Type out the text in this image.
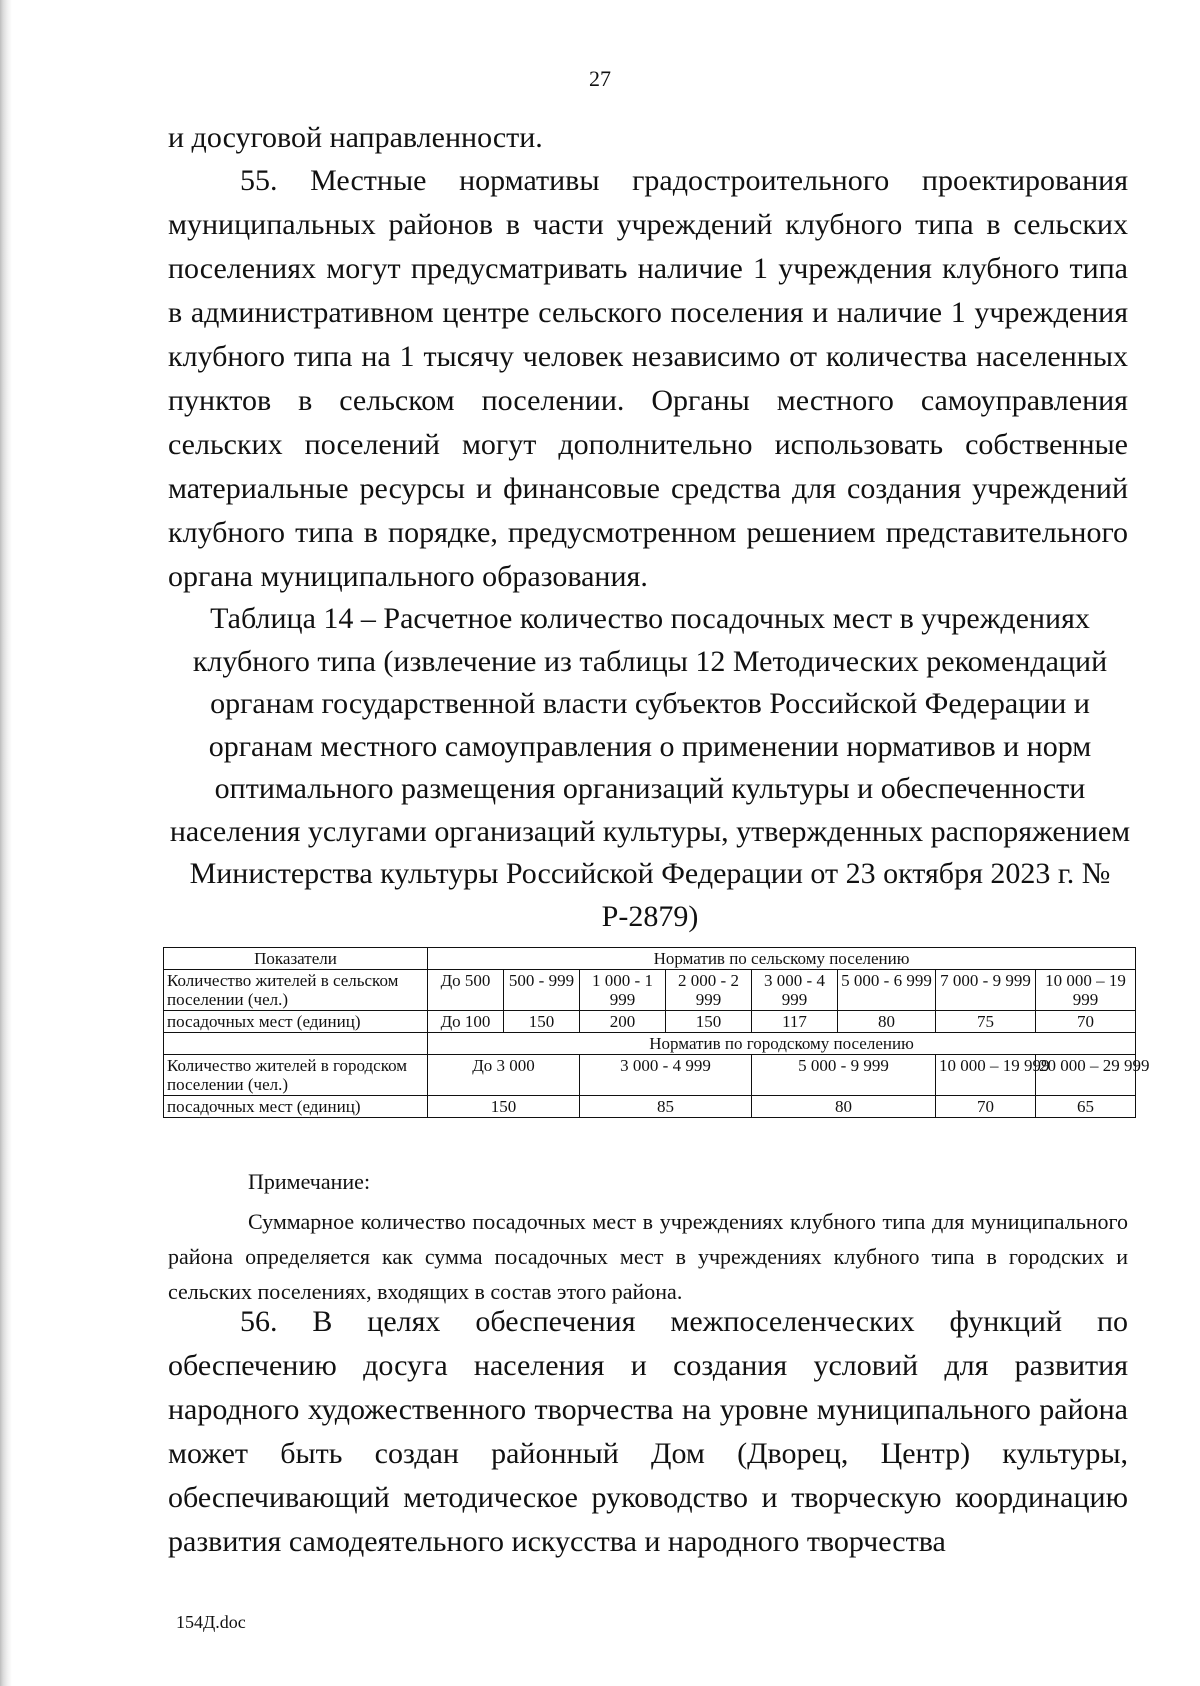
27

и досуговой направленности.

55. Местные нормативы градостроительного проектирования муниципальных районов в части учреждений клубного типа в сельских поселениях могут предусматривать наличие 1 учреждения клубного типа в административном центре сельского поселения и наличие 1 учреждения клубного типа на 1 тысячу человек независимо от количества населенных пунктов в сельском поселении. Органы местного самоуправления сельских поселений могут дополнительно использовать собственные материальные ресурсы и финансовые средства для создания учреждений клубного типа в порядке, предусмотренном решением представительного органа муниципального образования.

Таблица 14 – Расчетное количество посадочных мест в учреждениях клубного типа (извлечение из таблицы 12 Методических рекомендаций органам государственной власти субъектов Российской Федерации и органам местного самоуправления о применении нормативов и норм оптимального размещения организаций культуры и обеспеченности населения услугами организаций культуры, утвержденных распоряжением Министерства культуры Российской Федерации от 23 октября 2023 г. № Р-2879)

Показатели	Норматив по сельскому поселению							
Количество жителей в сельском поселении (чел.)	До 500	500 - 999	1 000 - 1 999	2 000 - 2 999	3 000 - 4 999	5 000 - 6 999	7 000 - 9 999	10 000 – 19 999
посадочных мест (единиц)	До 100	150	200	150	117	80	75	70
	Норматив по городскому поселению							
Количество жителей в городском поселении (чел.)	До 3 000		3 000 - 4 999		5 000 - 9 999		10 000 – 19 999	20 000 – 29 999
посадочных мест (единиц)	150		85		80		70	65
Примечание:

Суммарное количество посадочных мест в учреждениях клубного типа для муниципального района определяется как сумма посадочных мест в учреждениях клубного типа в городских и сельских поселениях, входящих в состав этого района.

56. В целях обеспечения межпоселенческих функций по обеспечению досуга населения и создания условий для развития народного художественного творчества на уровне муниципального района может быть создан районный Дом (Дворец, Центр) культуры, обеспечивающий методическое руководство и творческую координацию развития самодеятельного искусства и народного творчества

154Д.doc
